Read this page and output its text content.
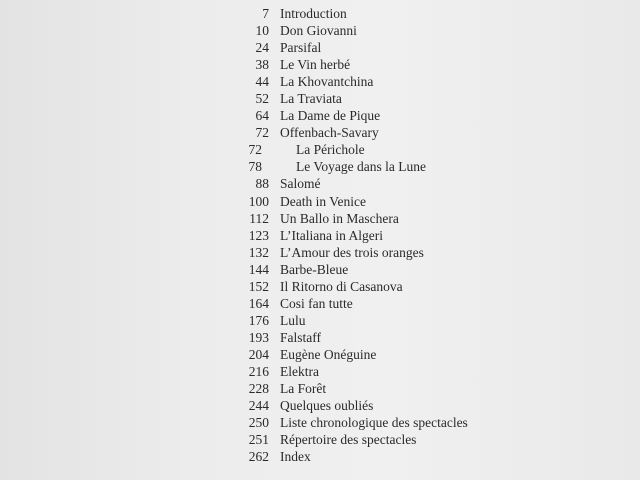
7 Introduction
10 Don Giovanni
24 Parsifal
38 Le Vin herbé
44 La Khovantchina
52 La Traviata
64 La Dame de Pique
72 Offenbach-Savary
72	La Périchole
78	Le Voyage dans la Lune
88 Salomé
100 Death in Venice
112 Un Ballo in Maschera
123 L’Italiana in Algeri
132 L’Amour des trois oranges
144 Barbe-Bleue
152 Il Ritorno di Casanova
164 Cosi fan tutte
176 Lulu
193 Falstaff
204 Eugène Onéguine
216 Elektra
228 La Forêt
244 Quelques oubliés
250 Liste chronologique des spectacles
251 Répertoire des spectacles
262 Index
